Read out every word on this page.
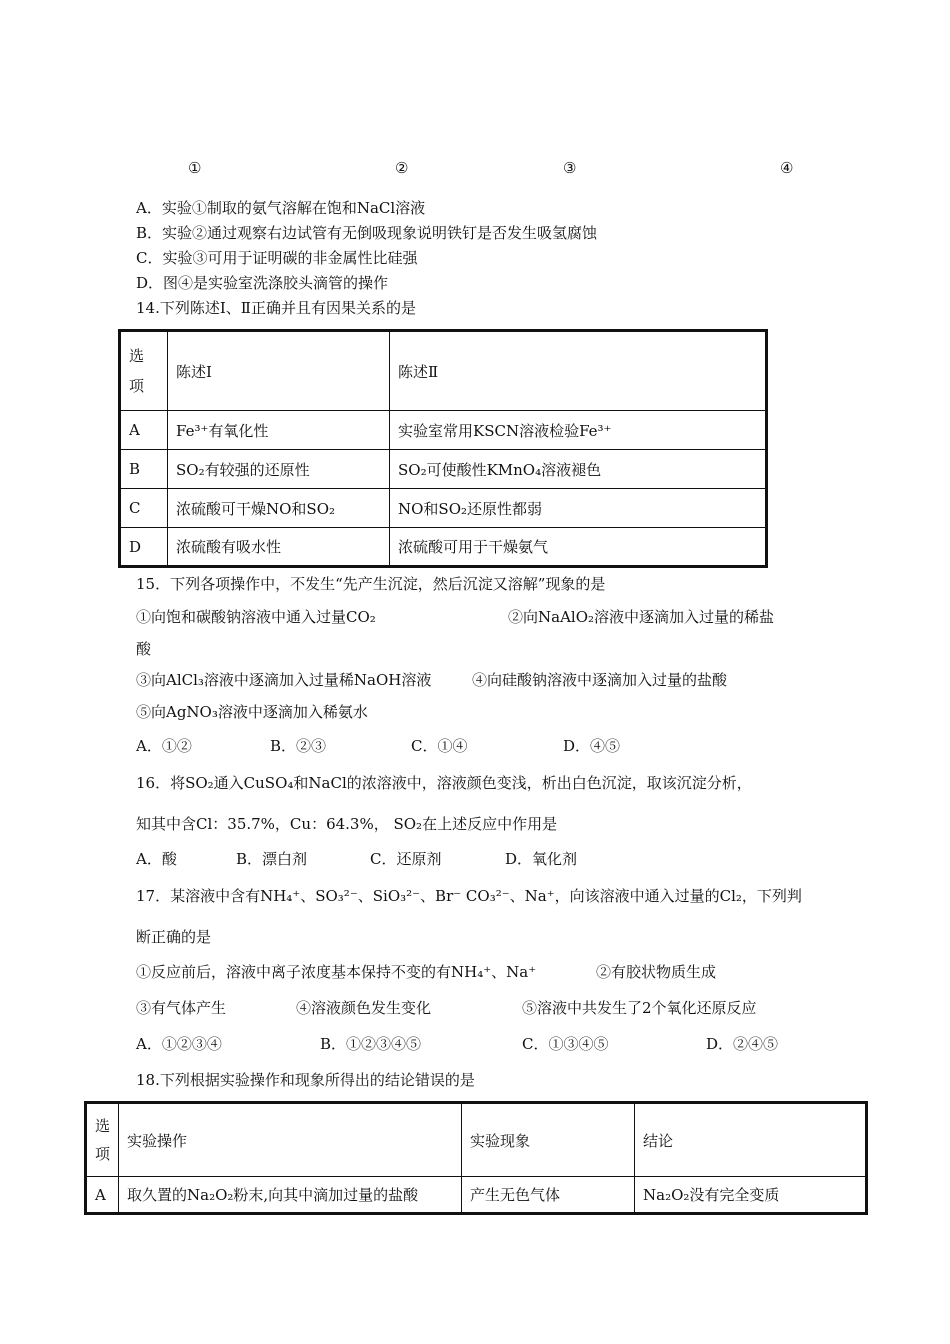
①	②	③	④
A．实验①制取的氨气溶解在饱和NaCl溶液
B．实验②通过观察右边试管有无倒吸现象说明铁钉是否发生吸氢腐蚀
C．实验③可用于证明碳的非金属性比硅强
D．图④是实验室洗涤胶头滴管的操作
14.下列陈述Ⅰ、Ⅱ正确并且有因果关系的是
选
项	陈述Ⅰ	陈述Ⅱ
A	Fe³⁺有氧化性	实验室常用KSCN溶液检验Fe³⁺
B	SO₂有较强的还原性	SO₂可使酸性KMnO₄溶液褪色
C	浓硫酸可干燥NO和SO₂	NO和SO₂还原性都弱
D	浓硫酸有吸水性	浓硫酸可用于干燥氨气
15．下列各项操作中，不发生“先产生沉淀，然后沉淀又溶解”现象的是
①向饱和碳酸钠溶液中通入过量CO₂	②向NaAlO₂溶液中逐滴加入过量的稀盐
酸
③向AlCl₃溶液中逐滴加入过量稀NaOH溶液	④向硅酸钠溶液中逐滴加入过量的盐酸
⑤向AgNO₃溶液中逐滴加入稀氨水
A．①②	B．②③	C．①④	D．④⑤
16．将SO₂通入CuSO₄和NaCl的浓溶液中，溶液颜色变浅，析出白色沉淀，取该沉淀分析，
知其中含Cl：35.7%，Cu：64.3%， SO₂在上述反应中作用是
A．酸	B．漂白剂	C．还原剂	D．氧化剂
17．某溶液中含有NH₄⁺、SO₃²⁻、SiO₃²⁻、Br⁻ CO₃²⁻、Na⁺，向该溶液中通入过量的Cl₂，下列判
断正确的是
①反应前后，溶液中离子浓度基本保持不变的有NH₄⁺、Na⁺	②有胶状物质生成
③有气体产生	④溶液颜色发生变化	⑤溶液中共发生了2个氧化还原反应
A．①②③④	B．①②③④⑤	C．①③④⑤	D．②④⑤
18.下列根据实验操作和现象所得出的结论错误的是
选
项	实验操作	实验现象	结论
A	取久置的Na₂O₂粉末,向其中滴加过量的盐酸	产生无色气体	Na₂O₂没有完全变质
